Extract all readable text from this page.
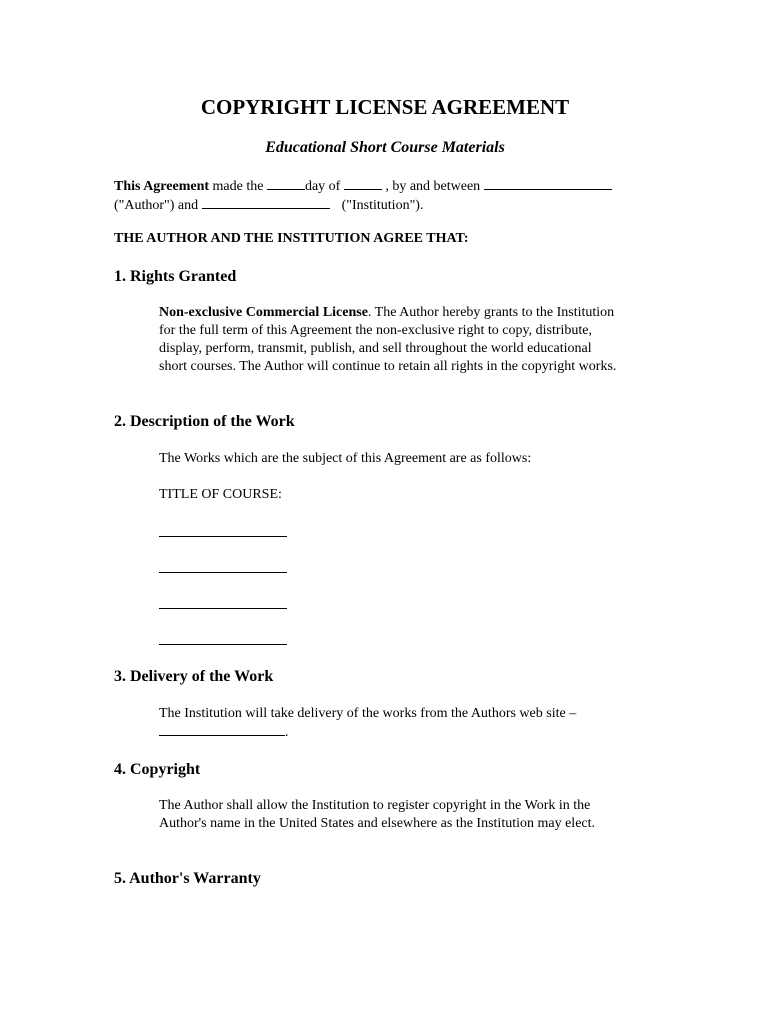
COPYRIGHT LICENSE AGREEMENT
Educational Short Course Materials
This Agreement made the	day of	, by and between
("Author") and	("Institution").
THE AUTHOR AND THE INSTITUTION AGREE THAT:
1. Rights Granted
Non-exclusive Commercial License. The Author hereby grants to the Institution for the full term of this Agreement the non-exclusive right to copy, distribute, display, perform, transmit, publish, and sell throughout the world educational short courses. The Author will continue to retain all rights in the copyright works.
2. Description of the Work
The Works which are the subject of this Agreement are as follows:
TITLE OF COURSE:
3. Delivery of the Work
The Institution will take delivery of the works from the Authors web site –
.
4. Copyright
The Author shall allow the Institution to register copyright in the Work in the Author's name in the United States and elsewhere as the Institution may elect.
5. Author's Warranty
